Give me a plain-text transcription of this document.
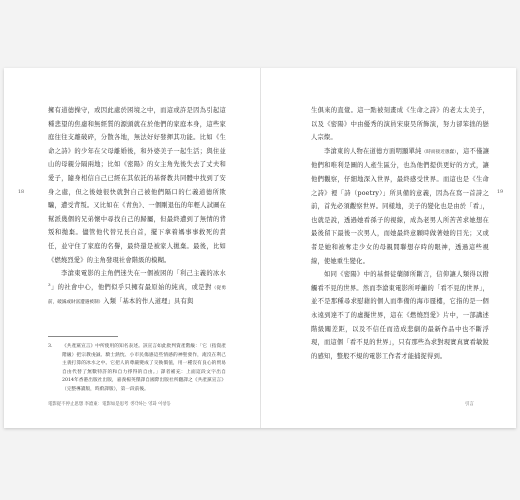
18

擁有道德操守，或因此處於困境之中，而這或許是因為引起這種悲望的焦慮和無經質的源頭就在於他們的家庭本身，這些家庭往往支離破碎，分散各地，無法好好發揮其功能。比如《生命之詩》的少年在父母離婚後，和外婆美子一起生活；與住並山的母親分隔兩地；比如《密陽》的女主角先後失去了丈夫和愛子，隨身相信自己已經在其依託的基督教共同體中找到了安身之處，但之後她很快就對自己被他們隔口的仁義道德所欺騙，遭受背叛。又比如在《青魚》、一個剛退伍的年輕人試圖在幫派幾個的兄弟懷中尋找自己的歸屬，但最終遭到了無情的背叛和拋棄。儘管他代替兄長自首，擺下拿着媽事事救死的責任，並守住了家庭的名譽，最終還是被家人拋棄。最後，比如《燃燒烈愛》的主角發現社會階級的模糊。

李滄東電影的主角們迷失在一個被困的「利己主義的冰水$^3$」的社會中心，他們似乎只擁有最原始的純真，或是對（從勇前，破滅或財富遭遇被制）入類「基本的作人道理」具有與

3. 《共產黨宣言》中所使用的知名表述。該宣言如此批判資產階級：「它（指資產階級）把宗教虔誠、騎士熱忱、小市民傷感這些情感的神聖發作，淹沒在利己主義打算的冰水之中。它把人的尊嚴變成了交換價值，用一種沒有良心的貿易自由代替了無數特許的和自力掙得的自由。」譯者補充：上面這段文字出自2014年香港出版社出版，嘉義楊英傑譯自國際出版社所翻譯之《共產黨宣言》（完整導讀版，時蔚譯版），第一段前後。
電影從不停止思想 李滄東：電影如是思考 생각하는 영화 이창동
19

生俱來的直覺。這一點被刻畫成《生命之詩》的老太太美子，以及《密陽》中由優秀的演員宋康昊所飾演，努力卻笨拙的戀人宗燦。

李滄東的人物在道德方面明顯單純（時而接近愚蠢），這不僅讓他們和唯利是圖的人產生區分，也為他們提供更好的方式，讓他們觀察，仔細地深入世界，最終感受世界。而這也是《生命之詩》裡「詩（poetry）」所具備的意義，因為在寫一首詩之前，首先必須觀察世界。同樣地，美子的變化也是由於「看」，也就是說，透過她看孫子的視線，成為老男人所苦苦求她想在最後留下最後一次男人，而她最終意願時做著她的目光；又或者是她和被奪走少女的母親間聯想存時的眼神，透過這些視線，使她重生變化。

如同《密陽》中的基督徒藥師所斷言，信仰讓人類得以撥觸看不見的世界。然而李滄東電影所呼籲的「看不見的世界」，並不是那種尋求慰藉的個人而準備的海市蜃樓，它指的是一個永遠到達不了的虛擬世界，這在《燃燒烈愛》片中，一部講述階級關差距，以及不信任而造成悲劇的最新作品中也不斷浮現，而這個「看不見的世界」，只有那些為求對現實真實看敏銳的感知，整般不規的電影工作者才能捕捉得到。

引言
